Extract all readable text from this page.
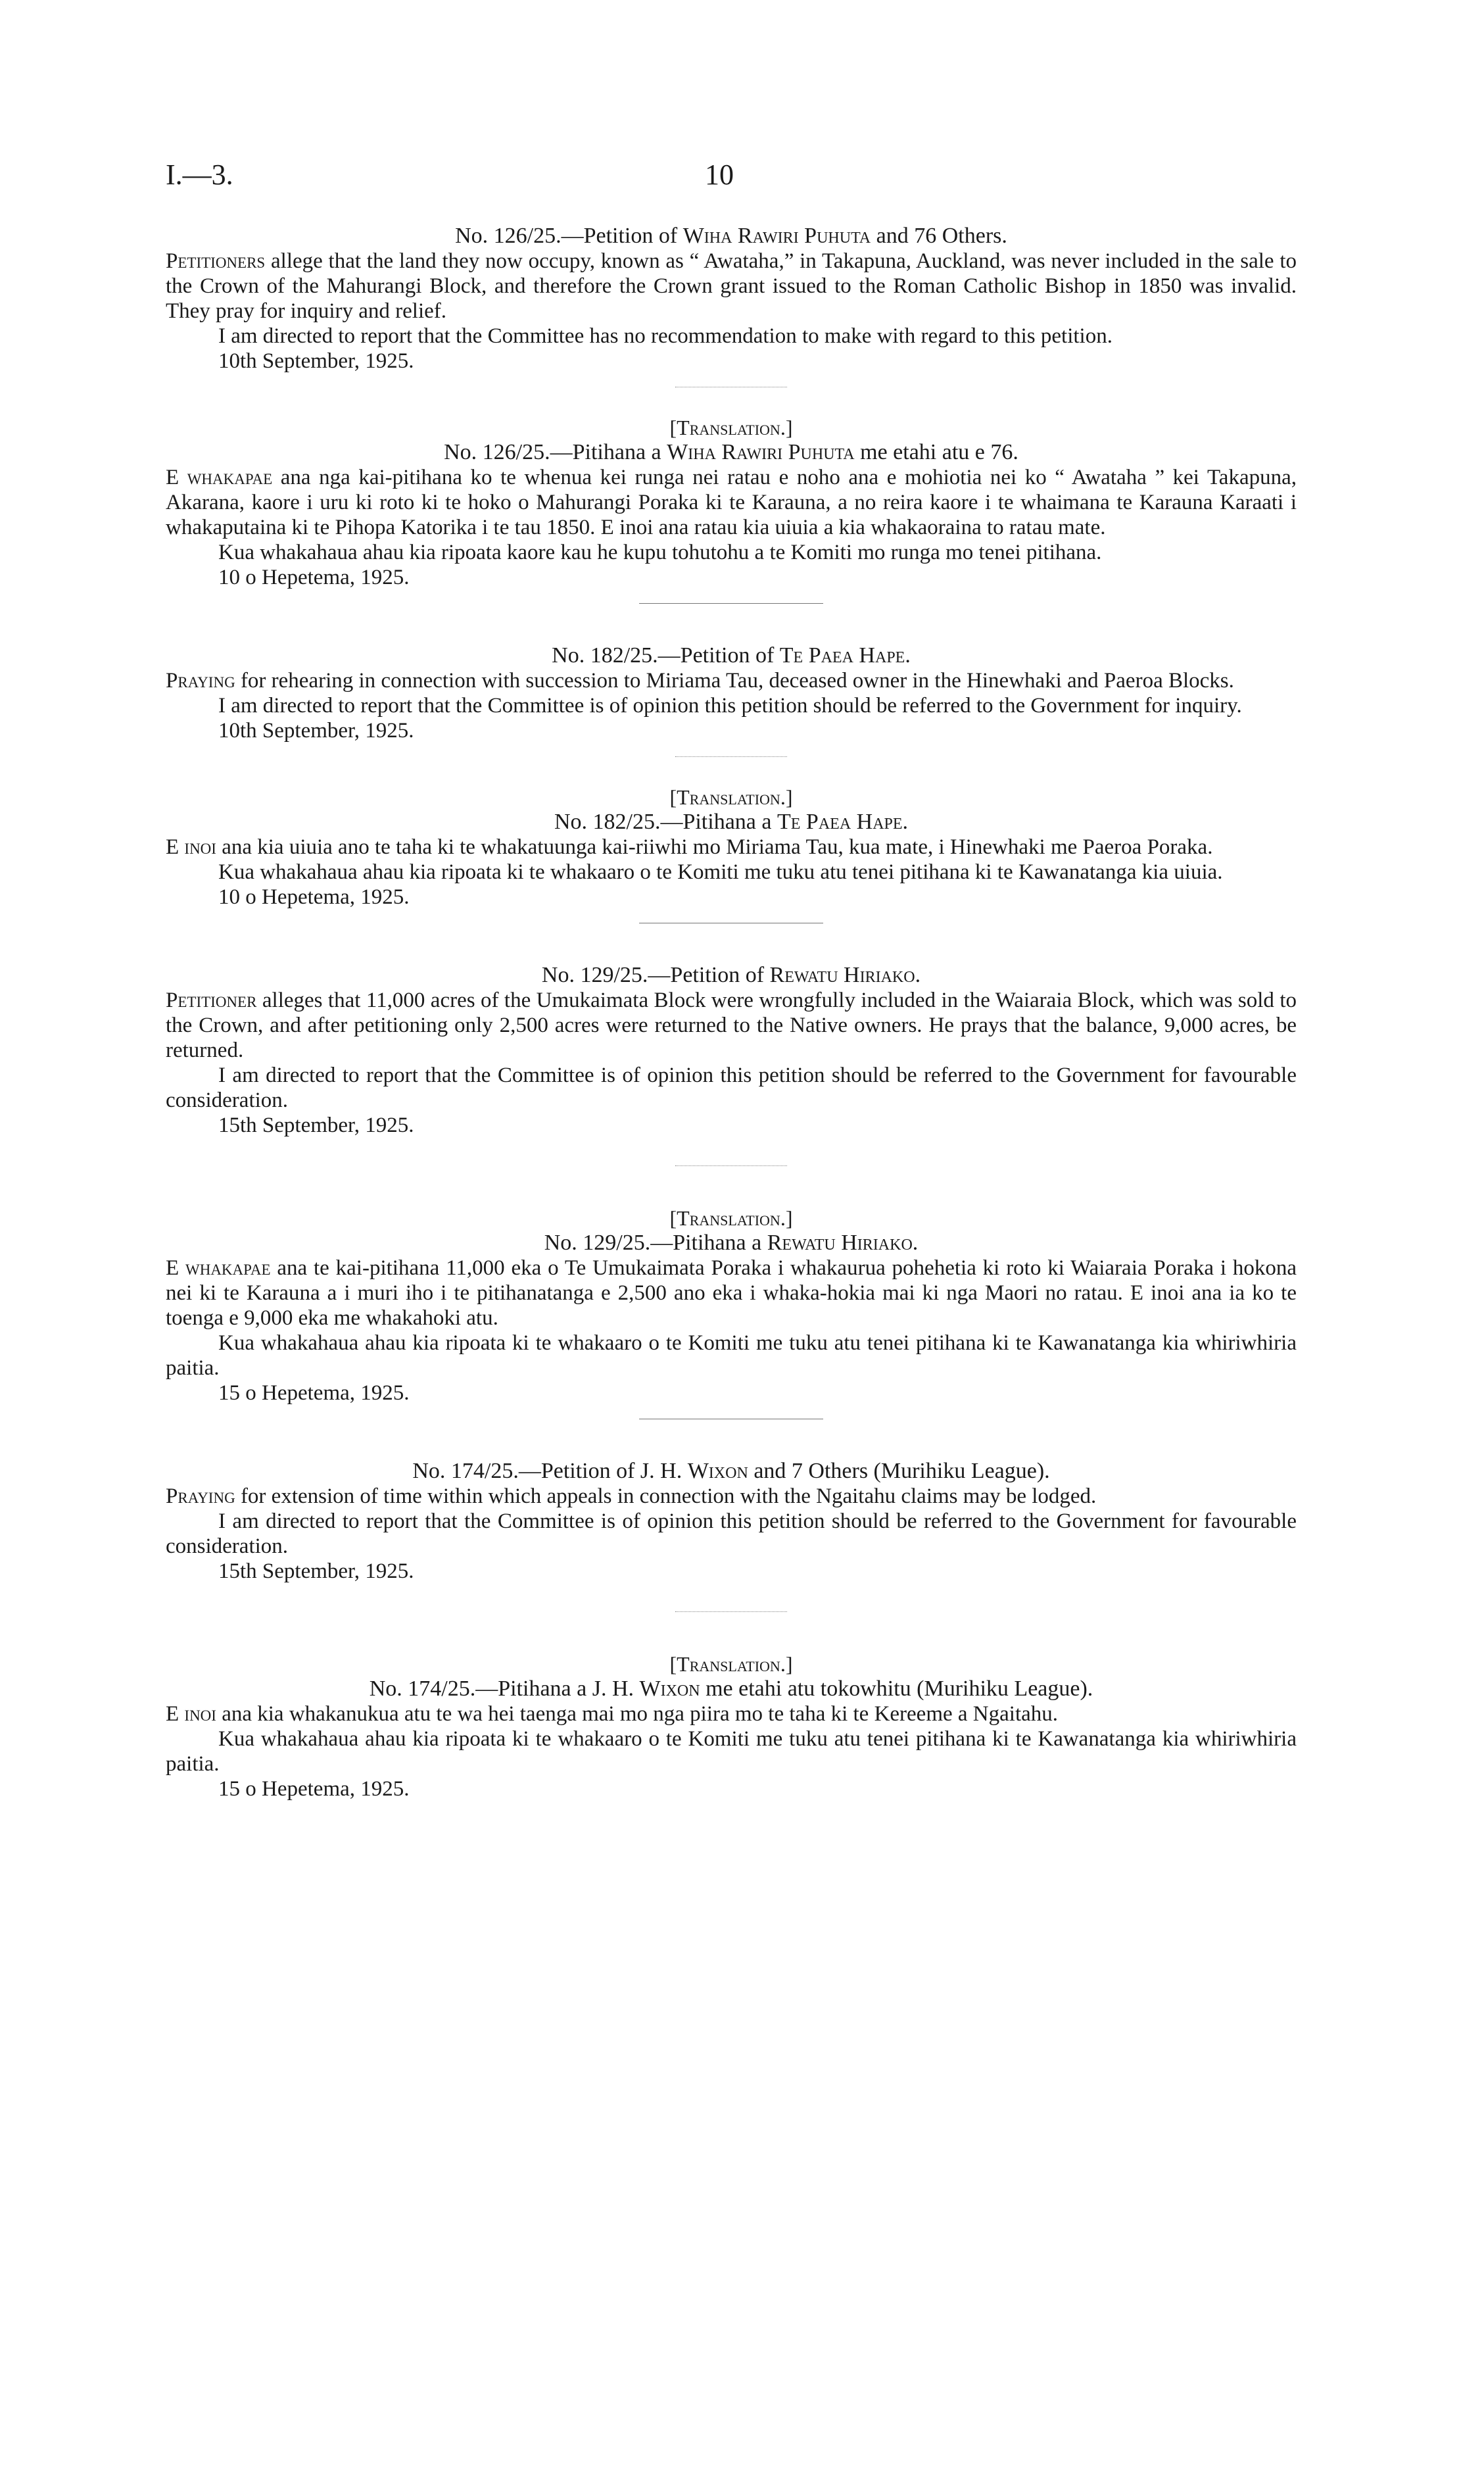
I.—3.	10
No. 126/25.—Petition of Wiha Rawiri Puhuta and 76 Others.

Petitioners allege that the land they now occupy, known as “ Awataha,” in Takapuna, Auckland, was never included in the sale to the Crown of the Mahurangi Block, and therefore the Crown grant issued to the Roman Catholic Bishop in 1850 was invalid. They pray for inquiry and relief.

I am directed to report that the Committee has no recommendation to make with regard to this petition.

10th September, 1925.

[Translation.]
No. 126/25.—Pitihana a Wiha Rawiri Puhuta me etahi atu e 76.

E whakapae ana nga kai-pitihana ko te whenua kei runga nei ratau e noho ana e mohiotia nei ko “ Awataha ” kei Takapuna, Akarana, kaore i uru ki roto ki te hoko o Mahurangi Poraka ki te Karauna, a no reira kaore i te whaimana te Karauna Karaati i whakaputaina ki te Pihopa Katorika i te tau 1850. E inoi ana ratau kia uiuia a kia whakaoraina to ratau mate.

Kua whakahaua ahau kia ripoata kaore kau he kupu tohutohu a te Komiti mo runga mo tenei pitihana.

10 o Hepetema, 1925.

No. 182/25.—Petition of Te Paea Hape.

Praying for rehearing in connection with succession to Miriama Tau, deceased owner in the Hinewhaki and Paeroa Blocks.

I am directed to report that the Committee is of opinion this petition should be referred to the Government for inquiry.

10th September, 1925.

[Translation.]
No. 182/25.—Pitihana a Te Paea Hape.

E inoi ana kia uiuia ano te taha ki te whakatuunga kai-riiwhi mo Miriama Tau, kua mate, i Hinewhaki me Paeroa Poraka.

Kua whakahaua ahau kia ripoata ki te whakaaro o te Komiti me tuku atu tenei pitihana ki te Kawanatanga kia uiuia.

10 o Hepetema, 1925.

No. 129/25.—Petition of Rewatu Hiriako.

Petitioner alleges that 11,000 acres of the Umukaimata Block were wrongfully included in the Waiaraia Block, which was sold to the Crown, and after petitioning only 2,500 acres were returned to the Native owners. He prays that the balance, 9,000 acres, be returned.

I am directed to report that the Committee is of opinion this petition should be referred to the Government for favourable consideration.

15th September, 1925.

[Translation.]
No. 129/25.—Pitihana a Rewatu Hiriako.

E whakapae ana te kai-pitihana 11,000 eka o Te Umukaimata Poraka i whakaurua pohehetia ki roto ki Waiaraia Poraka i hokona nei ki te Karauna a i muri iho i te pitihanatanga e 2,500 ano eka i whaka-hokia mai ki nga Maori no ratau. E inoi ana ia ko te toenga e 9,000 eka me whakahoki atu.

Kua whakahaua ahau kia ripoata ki te whakaaro o te Komiti me tuku atu tenei pitihana ki te Kawanatanga kia whiriwhiria paitia.

15 o Hepetema, 1925.

No. 174/25.—Petition of J. H. Wixon and 7 Others (Murihiku League).

Praying for extension of time within which appeals in connection with the Ngaitahu claims may be lodged.

I am directed to report that the Committee is of opinion this petition should be referred to the Government for favourable consideration.

15th September, 1925.

[Translation.]
No. 174/25.—Pitihana a J. H. Wixon me etahi atu tokowhitu (Murihiku League).

E inoi ana kia whakanukua atu te wa hei taenga mai mo nga piira mo te taha ki te Kereeme a Ngaitahu.

Kua whakahaua ahau kia ripoata ki te whakaaro o te Komiti me tuku atu tenei pitihana ki te Kawanatanga kia whiriwhiria paitia.

15 o Hepetema, 1925.
